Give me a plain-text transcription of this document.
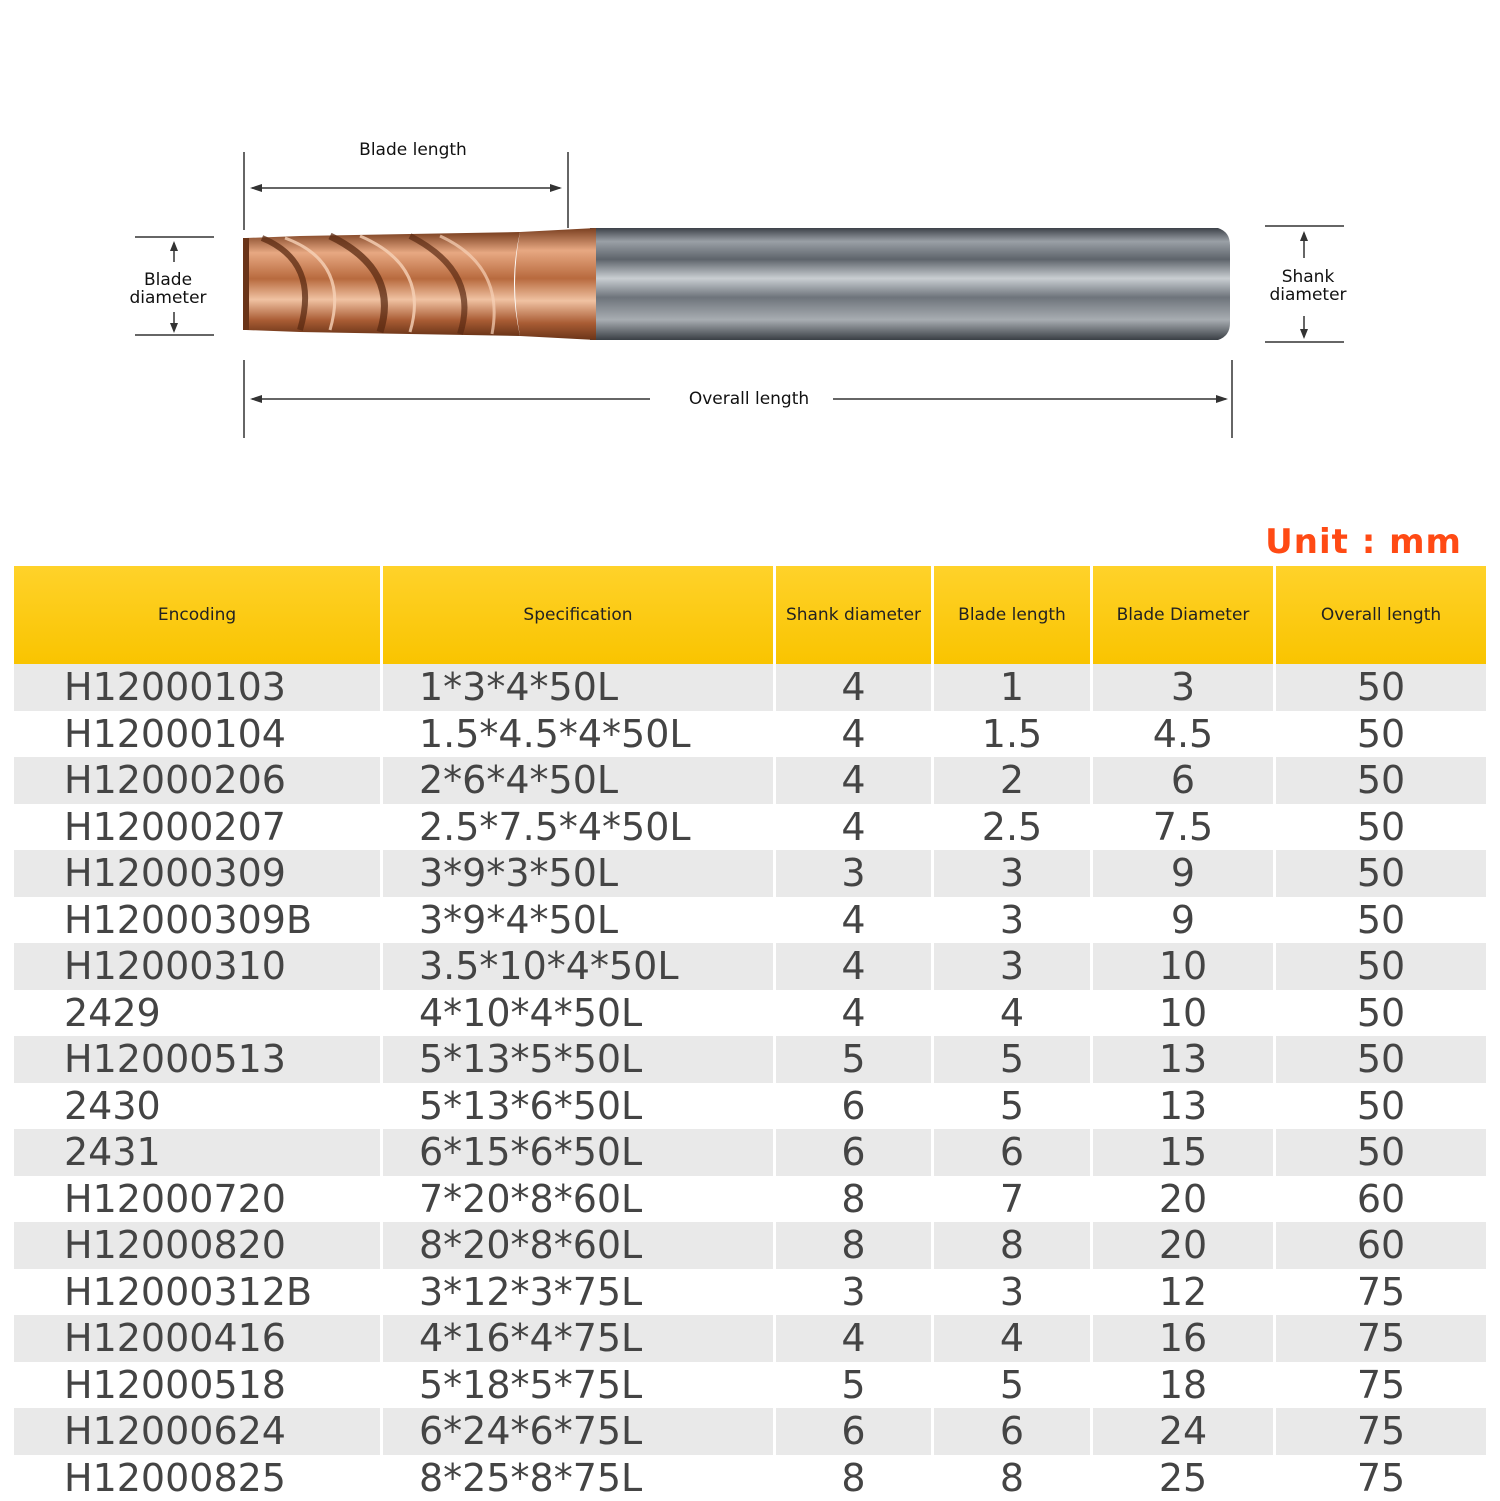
Blade length
Overall length
Blade
diameter
Shank
diameter
Unit : mm
Encoding	Specification	Shank diameter	Blade length	Blade Diameter	Overall length
H12000103	1*3*4*50L	4	1	3	50
H12000104	1.5*4.5*4*50L	4	1.5	4.5	50
H12000206	2*6*4*50L	4	2	6	50
H12000207	2.5*7.5*4*50L	4	2.5	7.5	50
H12000309	3*9*3*50L	3	3	9	50
H12000309B	3*9*4*50L	4	3	9	50
H12000310	3.5*10*4*50L	4	3	10	50
2429	4*10*4*50L	4	4	10	50
H12000513	5*13*5*50L	5	5	13	50
2430	5*13*6*50L	6	5	13	50
2431	6*15*6*50L	6	6	15	50
H12000720	7*20*8*60L	8	7	20	60
H12000820	8*20*8*60L	8	8	20	60
H12000312B	3*12*3*75L	3	3	12	75
H12000416	4*16*4*75L	4	4	16	75
H12000518	5*18*5*75L	5	5	18	75
H12000624	6*24*6*75L	6	6	24	75
H12000825	8*25*8*75L	8	8	25	75
